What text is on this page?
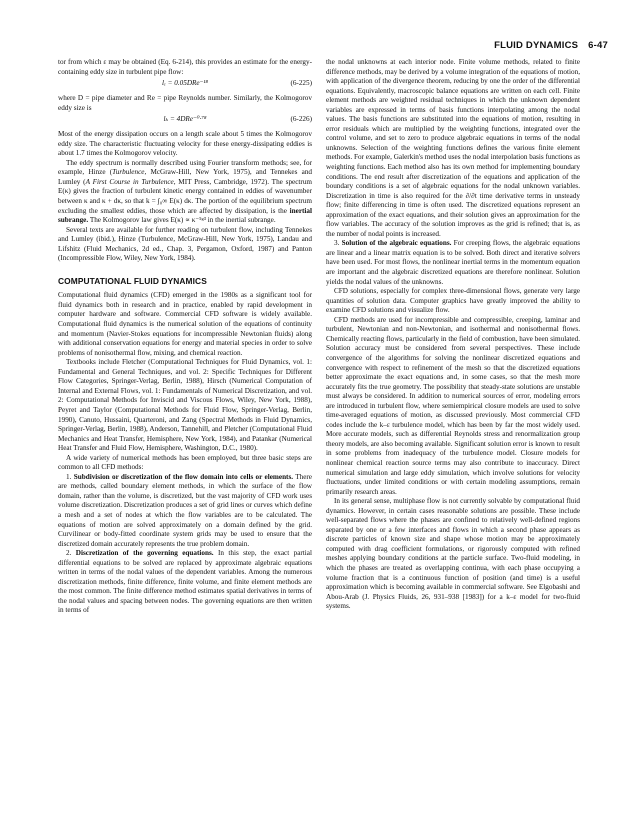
FLUID DYNAMICS 6-47

tor from which ε may be obtained (Eq. 6-214), this provides an estimate for the energy-containing eddy size in turbulent pipe flow:

lₑ = 0.05DRe⁻¹⁸	(6-225)

where D = pipe diameter and Re = pipe Reynolds number. Similarly, the Kolmogorov eddy size is

lₖ = 4DRe⁻⁰·⁷⁸	(6-226)

Most of the energy dissipation occurs on a length scale about 5 times the Kolmogorov eddy size. The characteristic fluctuating velocity for these energy-dissipating eddies is about 1.7 times the Kolmogorov velocity.

The eddy spectrum is normally described using Fourier transform methods; see, for example, Hinze (Turbulence, McGraw-Hill, New York, 1975), and Tennekes and Lumley (A First Course in Turbulence, MIT Press, Cambridge, 1972). The spectrum E(κ) gives the fraction of turbulent kinetic energy contained in eddies of wavenumber between κ and κ + dκ, so that k = ∫₀∞ E(κ) dκ. The portion of the equilibrium spectrum excluding the smallest eddies, those which are affected by dissipation, is the inertial subrange. The Kolmogorov law gives E(κ) ∝ κ⁻⁵ᵍ³ in the inertial subrange.

Several texts are available for further reading on turbulent flow, including Tennekes and Lumley (ibid.), Hinze (Turbulence, McGraw-Hill, New York, 1975), Landau and Lifshitz (Fluid Mechanics, 2d ed., Chap. 3, Pergamon, Oxford, 1987) and Panton (Incompressible Flow, Wiley, New York, 1984).

COMPUTATIONAL FLUID DYNAMICS

Computational fluid dynamics (CFD) emerged in the 1980s as a significant tool for fluid dynamics both in research and in practice, enabled by rapid development in computer hardware and software. Commercial CFD software is widely available. Computational fluid dynamics is the numerical solution of the equations of continuity and momentum (Navier-Stokes equations for incompressible Newtonian fluids) along with additional conservation equations for energy and material species in order to solve problems of nonisothermal flow, mixing, and chemical reaction.

Textbooks include Fletcher (Computational Techniques for Fluid Dynamics, vol. 1: Fundamental and General Techniques, and vol. 2: Specific Techniques for Different Flow Categories, Springer-Verlag, Berlin, 1988), Hirsch (Numerical Computation of Internal and External Flows, vol. 1: Fundamentals of Numerical Discretization, and vol. 2: Computational Methods for Inviscid and Viscous Flows, Wiley, New York, 1988), Peyret and Taylor (Computational Methods for Fluid Flow, Springer-Verlag, Berlin, 1990), Canuto, Hussaini, Quarteroni, and Zang (Spectral Methods in Fluid Dynamics, Springer-Verlag, Berlin, 1988), Anderson, Tannehill, and Pletcher (Computational Fluid Mechanics and Heat Transfer, Hemisphere, New York, 1984), and Patankar (Numerical Heat Transfer and Fluid Flow, Hemisphere, Washington, D.C., 1980).

A wide variety of numerical methods has been employed, but three basic steps are common to all CFD methods:

1. Subdivision or discretization of the flow domain into cells or elements. There are methods, called boundary element methods, in which the surface of the flow domain, rather than the volume, is discretized, but the vast majority of CFD work uses volume discretization. Discretization produces a set of grid lines or curves which define a mesh and a set of nodes at which the flow variables are to be calculated. The equations of motion are solved approximately on a domain defined by the grid. Curvilinear or body-fitted coordinate system grids may be used to ensure that the discretized domain accurately represents the true problem domain.

2. Discretization of the governing equations. In this step, the exact partial differential equations to be solved are replaced by approximate algebraic equations written in terms of the nodal values of the dependent variables. Among the numerous discretization methods, finite difference, finite volume, and finite element methods are the most common. The finite difference method estimates spatial derivatives in terms of the nodal values and spacing between nodes. The governing equations are then written in terms of

the nodal unknowns at each interior node. Finite volume methods, related to finite difference methods, may be derived by a volume integration of the equations of motion, with application of the divergence theorem, reducing by one the order of the differential equations. Equivalently, macroscopic balance equations are written on each cell. Finite element methods are weighted residual techniques in which the unknown dependent variables are expressed in terms of basis functions interpolating among the nodal values. The basis functions are substituted into the equations of motion, resulting in error residuals which are multiplied by the weighting functions, integrated over the control volume, and set to zero to produce algebraic equations in terms of the nodal unknowns. Selection of the weighting functions defines the various finite element methods. For example, Galerkin's method uses the nodal interpolation basis functions as weighting functions. Each method also has its own method for implementing boundary conditions. The end result after discretization of the equations and application of the boundary conditions is a set of algebraic equations for the nodal unknown variables. Discretization in time is also required for the ∂/∂t time derivative terms in unsteady flow; finite differencing in time is often used. The discretized equations represent an approximation of the exact equations, and their solution gives an approximation for the flow variables. The accuracy of the solution improves as the grid is refined; that is, as the number of nodal points is increased.

3. Solution of the algebraic equations. For creeping flows, the algebraic equations are linear and a linear matrix equation is to be solved. Both direct and iterative solvers have been used. For most flows, the nonlinear inertial terms in the momentum equation are important and the algebraic discretized equations are therefore nonlinear. Solution yields the nodal values of the unknowns.

CFD solutions, especially for complex three-dimensional flows, generate very large quantities of solution data. Computer graphics have greatly improved the ability to examine CFD solutions and visualize flow.

CFD methods are used for incompressible and compressible, creeping, laminar and turbulent, Newtonian and non-Newtonian, and isothermal and nonisothermal flows. Chemically reacting flows, particularly in the field of combustion, have been simulated. Solution accuracy must be considered from several perspectives. These include convergence of the algorithms for solving the nonlinear discretized equations and convergence with respect to refinement of the mesh so that the discretized equations better approximate the exact equations and, in some cases, so that the mesh more accurately fits the true geometry. The possibility that steady-state solutions are unstable must always be considered. In addition to numerical sources of error, modeling errors are introduced in turbulent flow, where semiempirical closure models are used to solve time-averaged equations of motion, as discussed previously. Most commercial CFD codes include the k–ε turbulence model, which has been by far the most widely used. More accurate models, such as differential Reynolds stress and renormalization group theory models, are also becoming available. Significant solution error is known to result in some problems from inadequacy of the turbulence model. Closure models for nonlinear chemical reaction source terms may also contribute to inaccuracy. Direct numerical simulation and large eddy simulation, which involve solutions for velocity fluctuations, under limited conditions or with certain modeling assumptions, remain primarily research areas.

In its general sense, multiphase flow is not currently solvable by computational fluid dynamics. However, in certain cases reasonable solutions are possible. These include well-separated flows where the phases are confined to relatively well-defined regions separated by one or a few interfaces and flows in which a second phase appears as discrete particles of known size and shape whose motion may be approximately computed with drag coefficient formulations, or rigorously computed with refined meshes applying boundary conditions at the particle surface. Two-fluid modeling, in which the phases are treated as overlapping continua, with each phase occupying a volume fraction that is a continuous function of position (and time) is a useful approximation which is becoming available in commercial software. See Elgobashi and Abou-Arab (J. Physics Fluids, 26, 931–938 [1983]) for a k–ε model for two-fluid systems.
